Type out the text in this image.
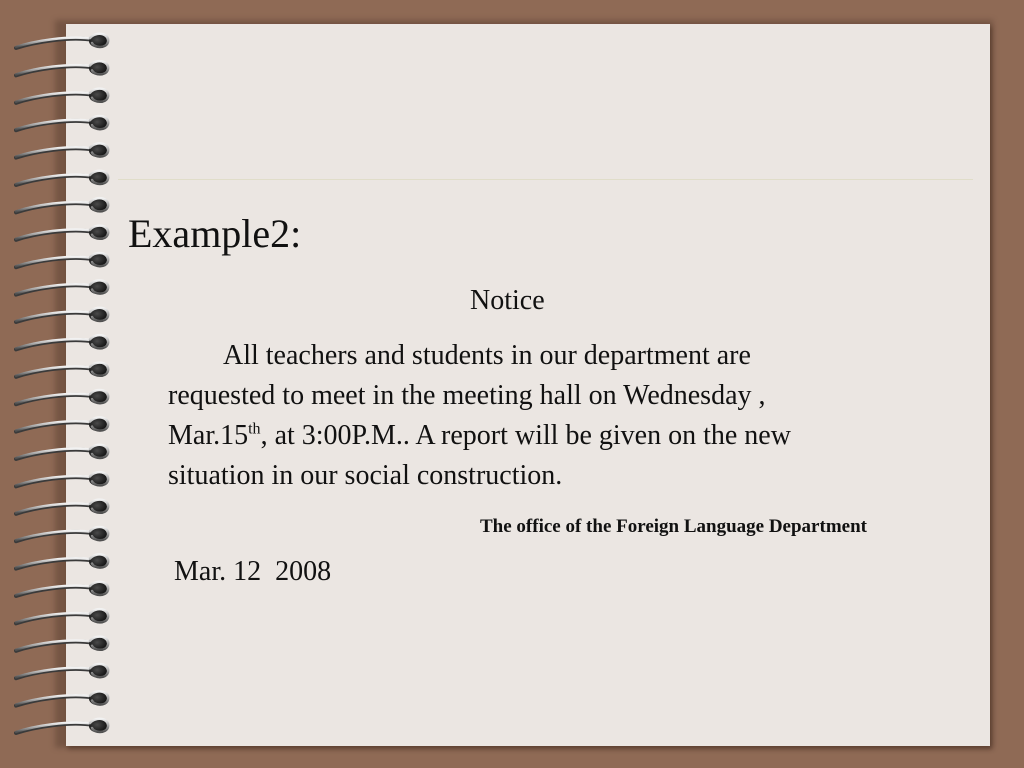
Example2:
Notice
All teachers and students in our department are
requested to meet in the meeting hall on Wednesday ,
Mar.15th, at 3:00P.M.. A report will be given on the new
situation in our social construction.
The office of the Foreign Language Department
Mar. 12  2008
